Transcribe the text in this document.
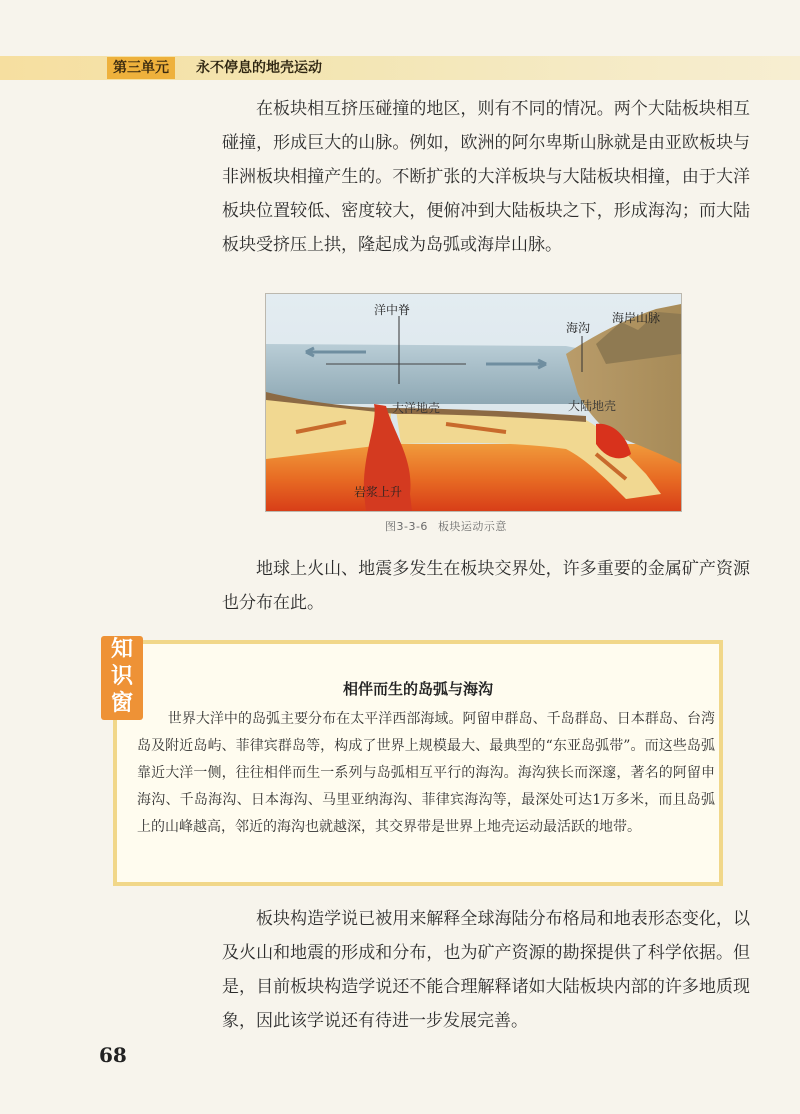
第三单元	永不停息的地壳运动

在板块相互挤压碰撞的地区，则有不同的情况。两个大陆板块相互碰撞，形成巨大的山脉。例如，欧洲的阿尔卑斯山脉就是由亚欧板块与非洲板块相撞产生的。不断扩张的大洋板块与大陆板块相撞，由于大洋板块位置较低、密度较大，便俯冲到大陆板块之下，形成海沟；而大陆板块受挤压上拱，隆起成为岛弧或海岸山脉。

洋中脊
海沟
海岸山脉
大洋地壳	大陆地壳
岩浆上升
图3-3-6 板块运动示意

地球上火山、地震多发生在板块交界处，许多重要的金属矿产资源也分布在此。

相伴而生的岛弧与海沟

世界大洋中的岛弧主要分布在太平洋西部海域。阿留申群岛、千岛群岛、日本群岛、台湾岛及附近岛屿、菲律宾群岛等，构成了世界上规模最大、最典型的“东亚岛弧带”。而这些岛弧靠近大洋一侧，往往相伴而生一系列与岛弧相互平行的海沟。海沟狭长而深邃，著名的阿留申海沟、千岛海沟、日本海沟、马里亚纳海沟、菲律宾海沟等，最深处可达1万多米，而且岛弧上的山峰越高，邻近的海沟也就越深，其交界带是世界上地壳运动最活跃的地带。

知
识
窗

板块构造学说已被用来解释全球海陆分布格局和地表形态变化，以及火山和地震的形成和分布，也为矿产资源的勘探提供了科学依据。但是，目前板块构造学说还不能合理解释诸如大陆板块内部的许多地质现象，因此该学说还有待进一步发展完善。

68
